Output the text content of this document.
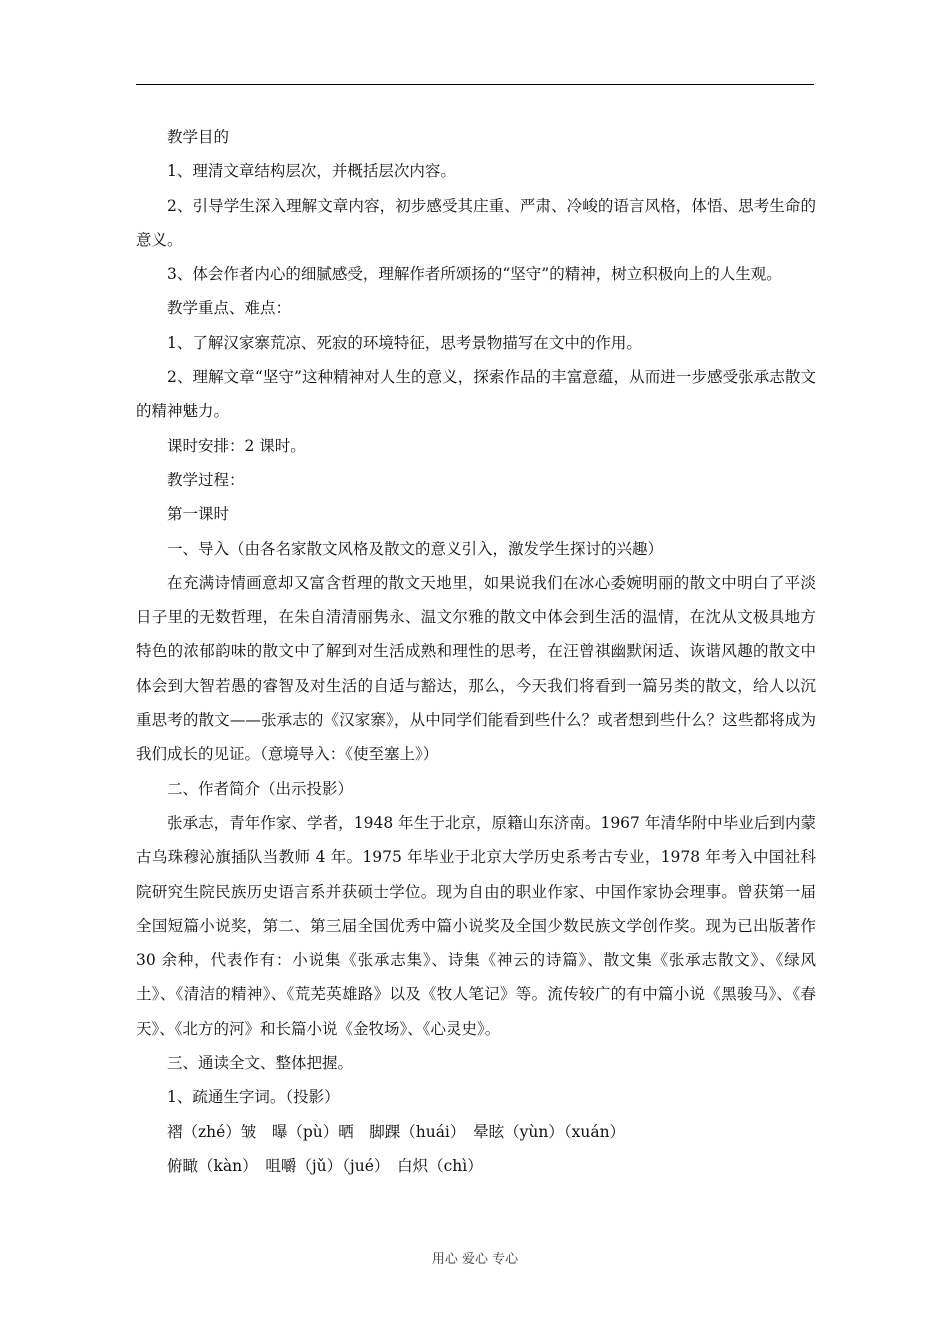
教学目的

1、理清文章结构层次，并概括层次内容。

2、引导学生深入理解文章内容，初步感受其庄重、严肃、冷峻的语言风格，体悟、思考生命的意义。

3、体会作者内心的细腻感受，理解作者所颂扬的“坚守”的精神，树立积极向上的人生观。

教学重点、难点：

1、了解汉家寨荒凉、死寂的环境特征，思考景物描写在文中的作用。

2、理解文章“坚守”这种精神对人生的意义，探索作品的丰富意蕴，从而进一步感受张承志散文的精神魅力。

课时安排：2 课时。

教学过程：

第一课时

一、导入（由各名家散文风格及散文的意义引入，激发学生探讨的兴趣）

在充满诗情画意却又富含哲理的散文天地里，如果说我们在冰心委婉明丽的散文中明白了平淡日子里的无数哲理，在朱自清清丽隽永、温文尔雅的散文中体会到生活的温情，在沈从文极具地方特色的浓郁韵味的散文中了解到对生活成熟和理性的思考，在汪曾祺幽默闲适、诙谐风趣的散文中体会到大智若愚的睿智及对生活的自适与豁达，那么，今天我们将看到一篇另类的散文，给人以沉重思考的散文——张承志的《汉家寨》，从中同学们能看到些什么？或者想到些什么？这些都将成为我们成长的见证。（意境导入：《使至塞上》）

二、作者简介（出示投影）

张承志，青年作家、学者，1948 年生于北京，原籍山东济南。1967 年清华附中毕业后到内蒙古乌珠穆沁旗插队当教师 4 年。1975 年毕业于北京大学历史系考古专业，1978 年考入中国社科院研究生院民族历史语言系并获硕士学位。现为自由的职业作家、中国作家协会理事。曾获第一届全国短篇小说奖，第二、第三届全国优秀中篇小说奖及全国少数民族文学创作奖。现为已出版著作 30 余种，代表作有：小说集《张承志集》、诗集《神云的诗篇》、散文集《张承志散文》、《绿风土》、《清洁的精神》、《荒芜英雄路》以及《牧人笔记》等。流传较广的有中篇小说《黑骏马》、《春天》、《北方的河》和长篇小说《金牧场》、《心灵史》。

三、通读全文、整体把握。

1、疏通生字词。（投影）

褶（zhé）皱　曝（pù）晒　脚踝（huái）　晕眩（yùn）（xuán）

俯瞰（kàn）　咀嚼（jǔ）（jué）　白炽（chì）

用心 爱心 专心
